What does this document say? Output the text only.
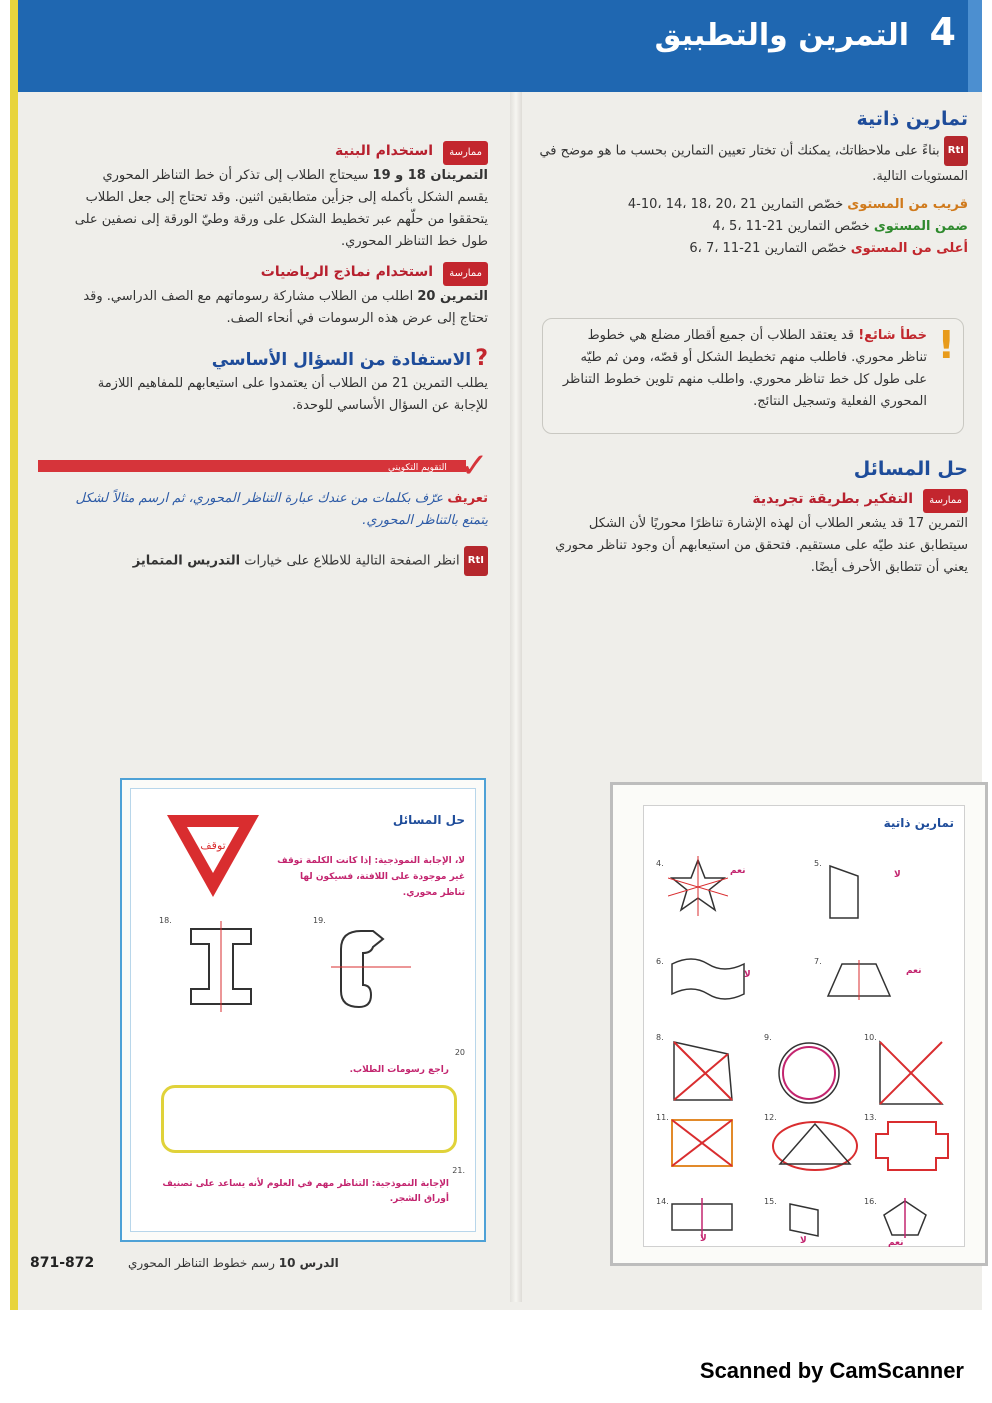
4 التمرين والتطبيق
تمارين ذاتية
RtI بناءً على ملاحظاتك، يمكنك أن تختار تعيين التمارين بحسب ما هو موضح في المستويات التالية.
قريب من المستوى خصّص التمارين 21 ،20 ،18 ،14 ،10-4
ضمن المستوى خصّص التمارين 21-11 ،5 ،4
أعلى من المستوى خصّص التمارين 21-11 ،7 ،6
!
خطأ شائع! قد يعتقد الطلاب أن جميع أقطار مضلع هي خطوط تناظر محوري. فاطلب منهم تخطيط الشكل أو قصّه، ومن ثم طيّه على طول كل خط تناظر محوري. واطلب منهم تلوين خطوط التناظر المحوري الفعلية وتسجيل النتائج.
حل المسائل
ممارسة التفكير بطريقة تجريدية
التمرين 17 قد يشعر الطلاب أن لهذه الإشارة تناظرًا محوريًا لأن الشكل سيتطابق عند طيّه على مستقيم. فتحقق من استيعابهم أن وجود تناظر محوري يعني أن تتطابق الأحرف أيضًا.
ممارسة استخدام البنية
التمرينان 18 و 19 سيحتاج الطلاب إلى تذكر أن خط التناظر المحوري يقسم الشكل بأكمله إلى جزأين متطابقين اثنين. وقد تحتاج إلى جعل الطلاب يتحققوا من حلّهم عبر تخطيط الشكل على ورقة وطيّ الورقة إلى نصفين على طول خط التناظر المحوري.
ممارسة استخدام نماذج الرياضيات
التمرين 20 اطلب من الطلاب مشاركة رسوماتهم مع الصف الدراسي. وقد تحتاج إلى عرض هذه الرسومات في أنحاء الصف.
? الاستفادة من السؤال الأساسي
يطلب التمرين 21 من الطلاب أن يعتمدوا على استيعابهم للمفاهيم اللازمة للإجابة عن السؤال الأساسي للوحدة.
التقويم التكويني ✓
تعريف عرّف بكلمات من عندك عبارة التناظر المحوري، ثم ارسم مثالاً لشكل يتمتع بالتناظر المحوري.
RtI انظر الصفحة التالية للاطلاع على خيارات التدريس المتمايز
حل المسائل
توقف
لا، الإجابة النموذجية: إذا كانت الكلمة توقف غير موجودة على اللافتة، فسيكون لها تناظر محوري.
18.	19.
20
راجع رسومات الطلاب.
21.
الإجابة النموذجية: التناظر مهم في العلوم لأنه يساعد على تصنيف أوراق الشجر.
تمارين ذاتية
4.
نعم
5.
لا
6.
لا
7.
نعم
8.	9.	10.
11.	12.	13.
14.
لا
15.
لا
16.
نعم
871-872	الدرس 10 رسم خطوط التناظر المحوري
Scanned by CamScanner
